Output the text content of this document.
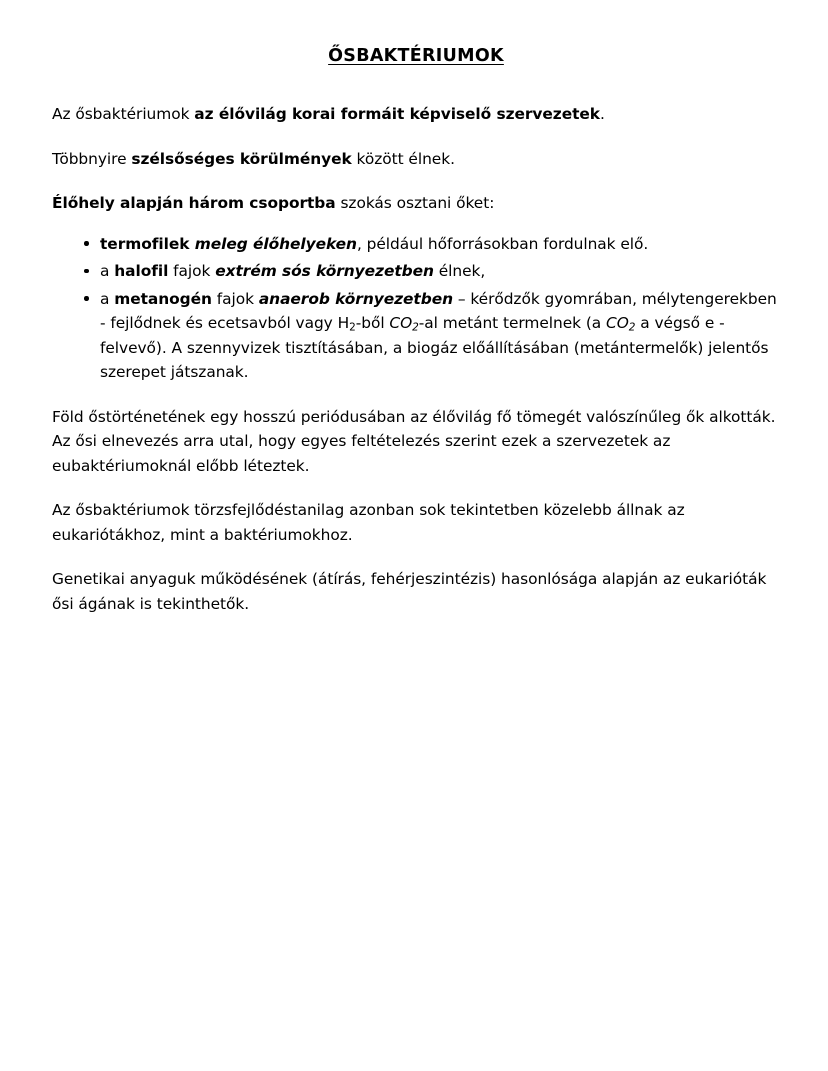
ŐSBAKTÉRIUMOK

Az ősbaktériumok az élővilág korai formáit képviselő szervezetek.

Többnyire szélsőséges körülmények között élnek.

Élőhely alapján három csoportba szokás osztani őket:

termofilek meleg élőhelyeken, például hőforrásokban fordulnak elő.
a halofil fajok extrém sós környezetben élnek,
a metanogén fajok anaerob környezetben – kérődzők gyomrában, mélytengerekben - fejlődnek és ecetsavból vagy $H_2$-ből $CO_2-al$ metánt termelnek (a $CO_2$ a végső e - felvevő). A szennyvizek tisztításában, a biogáz előállításában (metántermelők) jelentős szerepet játszanak.

Föld őstörténetének egy hosszú periódusában az élővilág fő tömegét valószínűleg ők alkották. Az ősi elnevezés arra utal, hogy egyes feltételezés szerint ezek a szervezetek az eubaktériumoknál előbb léteztek.

Az ősbaktériumok törzsfejlődéstanilag azonban sok tekintetben közelebb állnak az eukariótákhoz, mint a baktériumokhoz.

Genetikai anyaguk működésének (átírás, fehérjeszintézis) hasonlósága alapján az eukarióták ősi ágának is tekinthetők.
